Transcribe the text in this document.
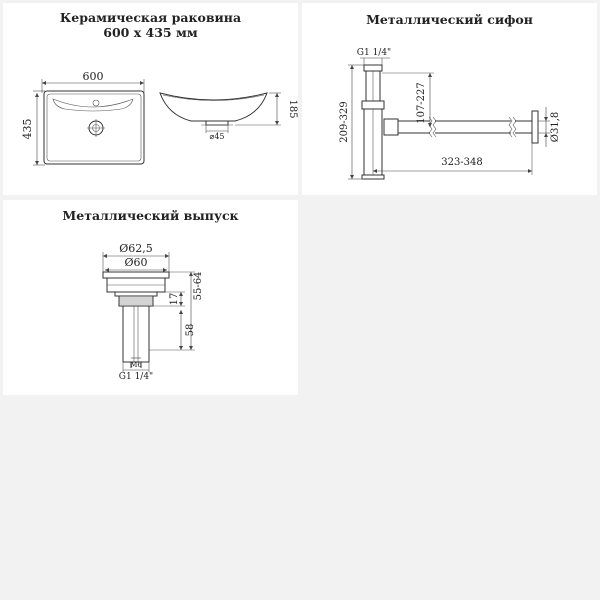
Керамическая раковина
600 x 435 мм
600
435	⌀45
185
Металлический сифон
G1 1/4"
209-329	107-227
323-348
Ø31,8
Металлический выпуск
Ø62,5
Ø60
M6
G1 1/4"
55-64
17
58
